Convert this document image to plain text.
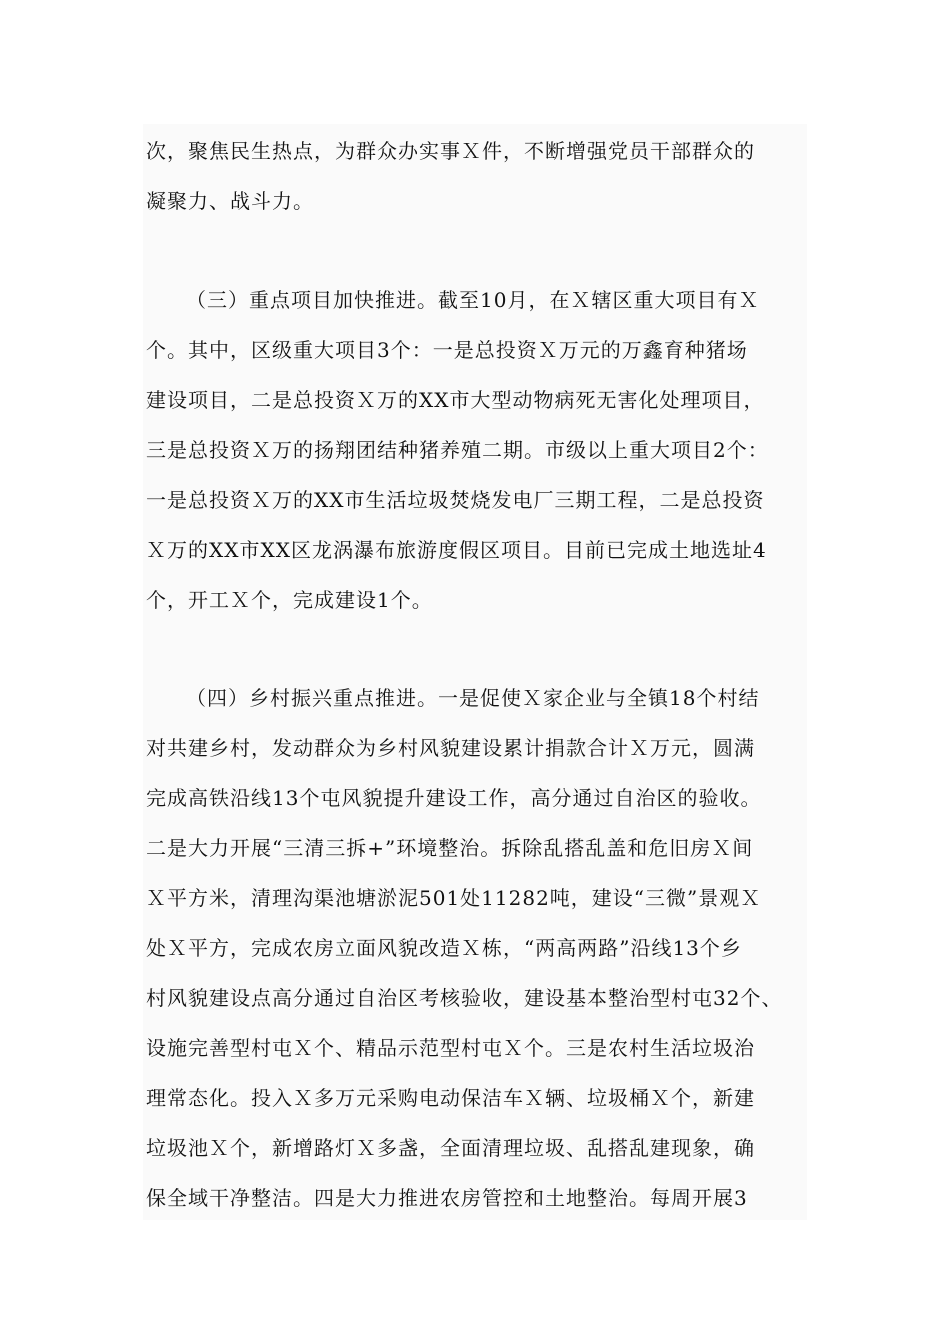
次，聚焦民生热点，为群众办实事Ｘ件，不断增强党员干部群众的
凝聚力、战斗力。
（三）重点项目加快推进。截至10月，在Ｘ辖区重大项目有Ｘ
个。其中，区级重大项目3个：一是总投资Ｘ万元的万鑫育种猪场
建设项目，二是总投资Ｘ万的XX市大型动物病死无害化处理项目，
三是总投资Ｘ万的扬翔团结种猪养殖二期。市级以上重大项目2个：
一是总投资Ｘ万的XX市生活垃圾焚烧发电厂三期工程，二是总投资
Ｘ万的XX市XX区龙涡瀑布旅游度假区项目。目前已完成土地选址4
个，开工Ｘ个，完成建设1个。
（四）乡村振兴重点推进。一是促使Ｘ家企业与全镇18个村结
对共建乡村，发动群众为乡村风貌建设累计捐款合计Ｘ万元，圆满
完成高铁沿线13个屯风貌提升建设工作，高分通过自治区的验收。
二是大力开展“三清三拆+”环境整治。拆除乱搭乱盖和危旧房Ｘ间
Ｘ平方米，清理沟渠池塘淤泥501处11282吨，建设“三微”景观Ｘ
处Ｘ平方，完成农房立面风貌改造Ｘ栋，“两高两路”沿线13个乡
村风貌建设点高分通过自治区考核验收，建设基本整治型村屯32个、
设施完善型村屯Ｘ个、精品示范型村屯Ｘ个。三是农村生活垃圾治
理常态化。投入Ｘ多万元采购电动保洁车Ｘ辆、垃圾桶Ｘ个，新建
垃圾池Ｘ个，新增路灯Ｘ多盏，全面清理垃圾、乱搭乱建现象，确
保全域干净整洁。四是大力推进农房管控和土地整治。每周开展3
